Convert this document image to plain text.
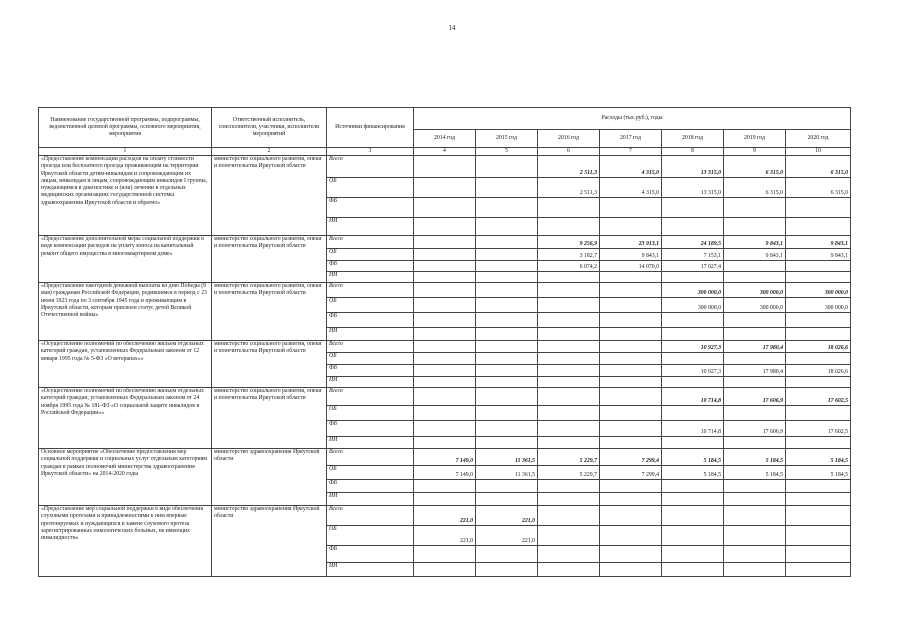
14
Наименование государственной программы, подпрограммы, ведомственной целевой программы, основного мероприятия, мероприятия	Ответственный исполнитель, соисполнители, участники, исполнители мероприятий	Источники финансирования	Расходы (тыс.руб.), годы						
			2014 год	2015 год	2016 год	2017 год	2018 год	2019 год	2020 год
1	2	3	4	5	6	7	8	9	10
«Предоставление компенсации расходов на оплату стоимости проезда или бесплатного проезда проживающим на территории Иркутской области детям-инвалидам и сопровождающим их лицам, инвалидам и лицам, сопровождающим инвалидов I группы, нуждающимся в диагностике и (или) лечении в отдельных медицинских организациях государственной системы здравоохранения Иркутской области и обратно»	министерство социального развития, опеки и попечительства Иркутской области	Всего			2 511,3	4 315,0	13 315,0	6 315,0	6 315,0
		ОБ			2 511,3	4 315,0	13 315,0	6 315,0	6 315,0
		ФБ							
		ИИ							
«Предоставление дополнительной меры социальной поддержки в виде компенсации расходов на уплату взноса на капитальный ремонт общего имущества в многоквартирном доме»	министерство социального развития, опеки и попечительства Иркутской области	Всего			9 256,9	23 913,1	24 189,5	9 843,1	9 843,1
		ОБ			3 182,7	9 843,1	7 153,1	9 843,1	9 843,1
		ФБ			6 074,2	14 070,0	17 027,4		
		ИИ							
«Предоставление ежегодной денежной выплаты ко дню Победы (9 мая) гражданам Российской Федерации, родившимся в период с 23 июня 1923 года по 3 сентября 1945 года и проживающим в Иркутской области, которым присвоен статус детей Великой Отечественной войны»	министерство социального развития, опеки и попечительства Иркутской области	Всего					300 000,0	300 000,0	300 000,0
		ОБ					300 000,0	300 000,0	300 000,0
		ФБ							
		ИИ							
«Осуществление полномочий по обеспечению жильем отдельных категорий граждан, установленных Федеральным законом от 12 января 1995 года № 5-ФЗ «О ветеранах»»	министерство социального развития, опеки и попечительства Иркутской области	Всего					10 927,3	17 980,4	18 026,6
		ОБ							
		ФБ					10 927,3	17 980,4	18 026,6
		ИИ							
«Осуществление полномочий по обеспечению жильем отдельных категорий граждан, установленных Федеральным законом от 24 ноября 1995 года № 181-ФЗ «О социальной защите инвалидов в Российской Федерации»»	министерство социального развития, опеки и попечительства Иркутской области	Всего					10 714,8	17 606,9	17 602,5
		ОБ							
		ФБ					10 714,8	17 606,9	17 602,5
		ИИ							
Основное мероприятие «Обеспечение предоставления мер социальной поддержки и социальных услуг отдельным категориям граждан в рамках полномочий министерства здравоохранения Иркутской области» на 2014-2020 годы	министерство здравоохранения Иркутской области	Всего	7 149,0	11 361,5	5 229,7	7 299,4	5 184,5	5 184,5	5 184,5
		ОБ	7 149,0	11 361,5	5 229,7	7 299,4	5 184,5	5 184,5	5 184,5
		ФБ							
		ИИ							
«Предоставление мер социальной поддержки в виде обеспечения слуховыми протезами и принадлежностями к ним впервые протезируемых и нуждающихся в замене слухового протеза зарегистрированных онкологических больных, не имеющих инвалидности»	министерство здравоохранения Иркутской области	Всего	221,0	221,0					
		ОБ	221,0	221,0					
		ФБ							
		ИИ							
